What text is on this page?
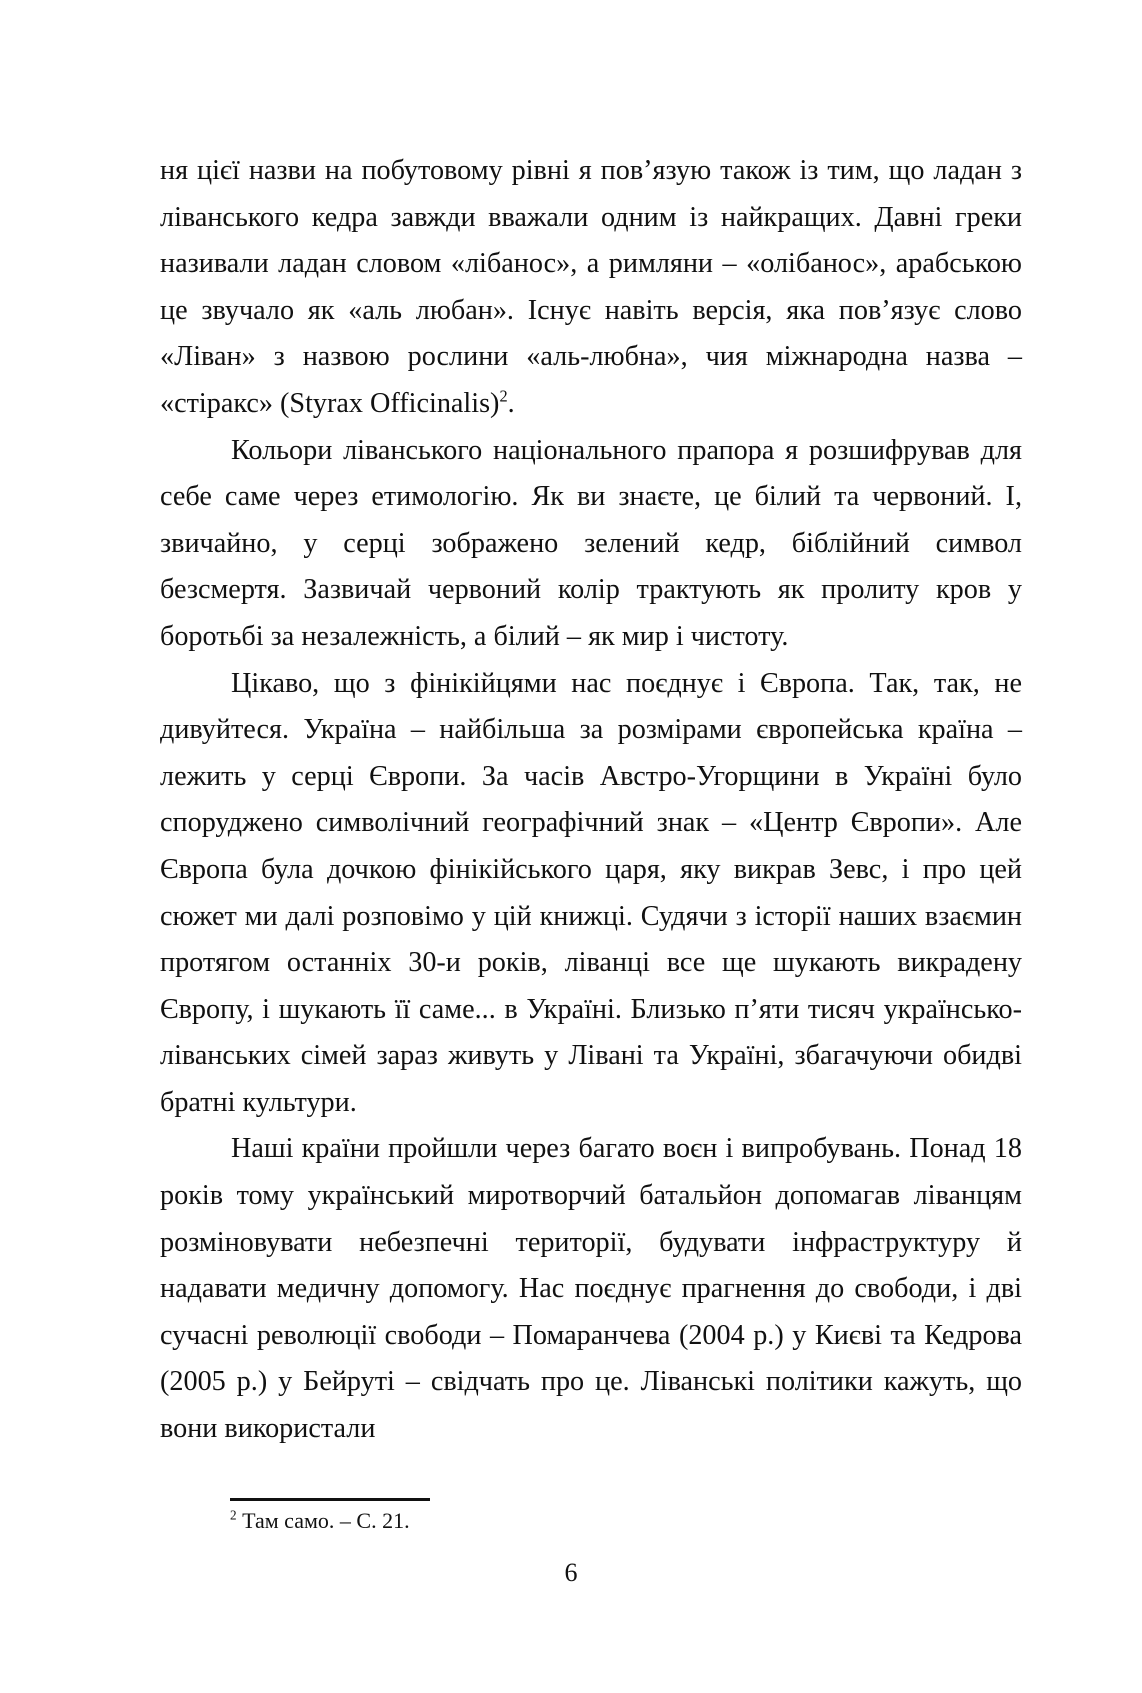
ня цієї назви на побутовому рівні я пов’язую також із тим, що ладан з ліванського кедра завжди вважали одним із найкращих. Давні греки називали ладан словом «лібанос», а римляни – «олібанос», арабською це звучало як «аль любан». Існує навіть версія, яка пов’язує слово «Ліван» з назвою рослини «аль-любна», чия міжнародна назва – «стіракс» (Styrax Officinalis)$^2$.

Кольори ліванського національного прапора я розшифрував для себе саме через етимологію. Як ви знаєте, це білий та червоний. І, звичайно, у серці зображено зелений кедр, біблійний символ безсмертя. Зазвичай червоний колір трактують як пролиту кров у боротьбі за незалежність, а білий – як мир і чистоту.

Цікаво, що з фінікійцями нас поєднує і Європа. Так, так, не дивуйтеся. Україна – найбільша за розмірами європейська країна – лежить у серці Європи. За часів Австро-Угорщини в Україні було споруджено символічний географічний знак – «Центр Європи». Але Європа була дочкою фінікійського царя, яку викрав Зевс, і про цей сюжет ми далі розповімо у цій книжці. Судячи з історії наших взаємин протягом останніх 30-и років, ліванці все ще шукають викрадену Європу, і шукають її саме... в Україні. Близько п’яти тисяч українсько-ліванських сімей зараз живуть у Лівані та Україні, збагачуючи обидві братні культури.

Наші країни пройшли через багато воєн і випробувань. Понад 18 років тому український миротворчий батальйон допомагав ліванцям розміновувати небезпечні території, будувати інфраструктуру й надавати медичну допомогу. Нас поєднує прагнення до свободи, і дві сучасні революції свободи – Помаранчева (2004 р.) у Києві та Кедрова (2005 р.) у Бейруті – свідчать про це. Ліванські політики кажуть, що вони використали

$^2$ Там само. – С. 21.

6
